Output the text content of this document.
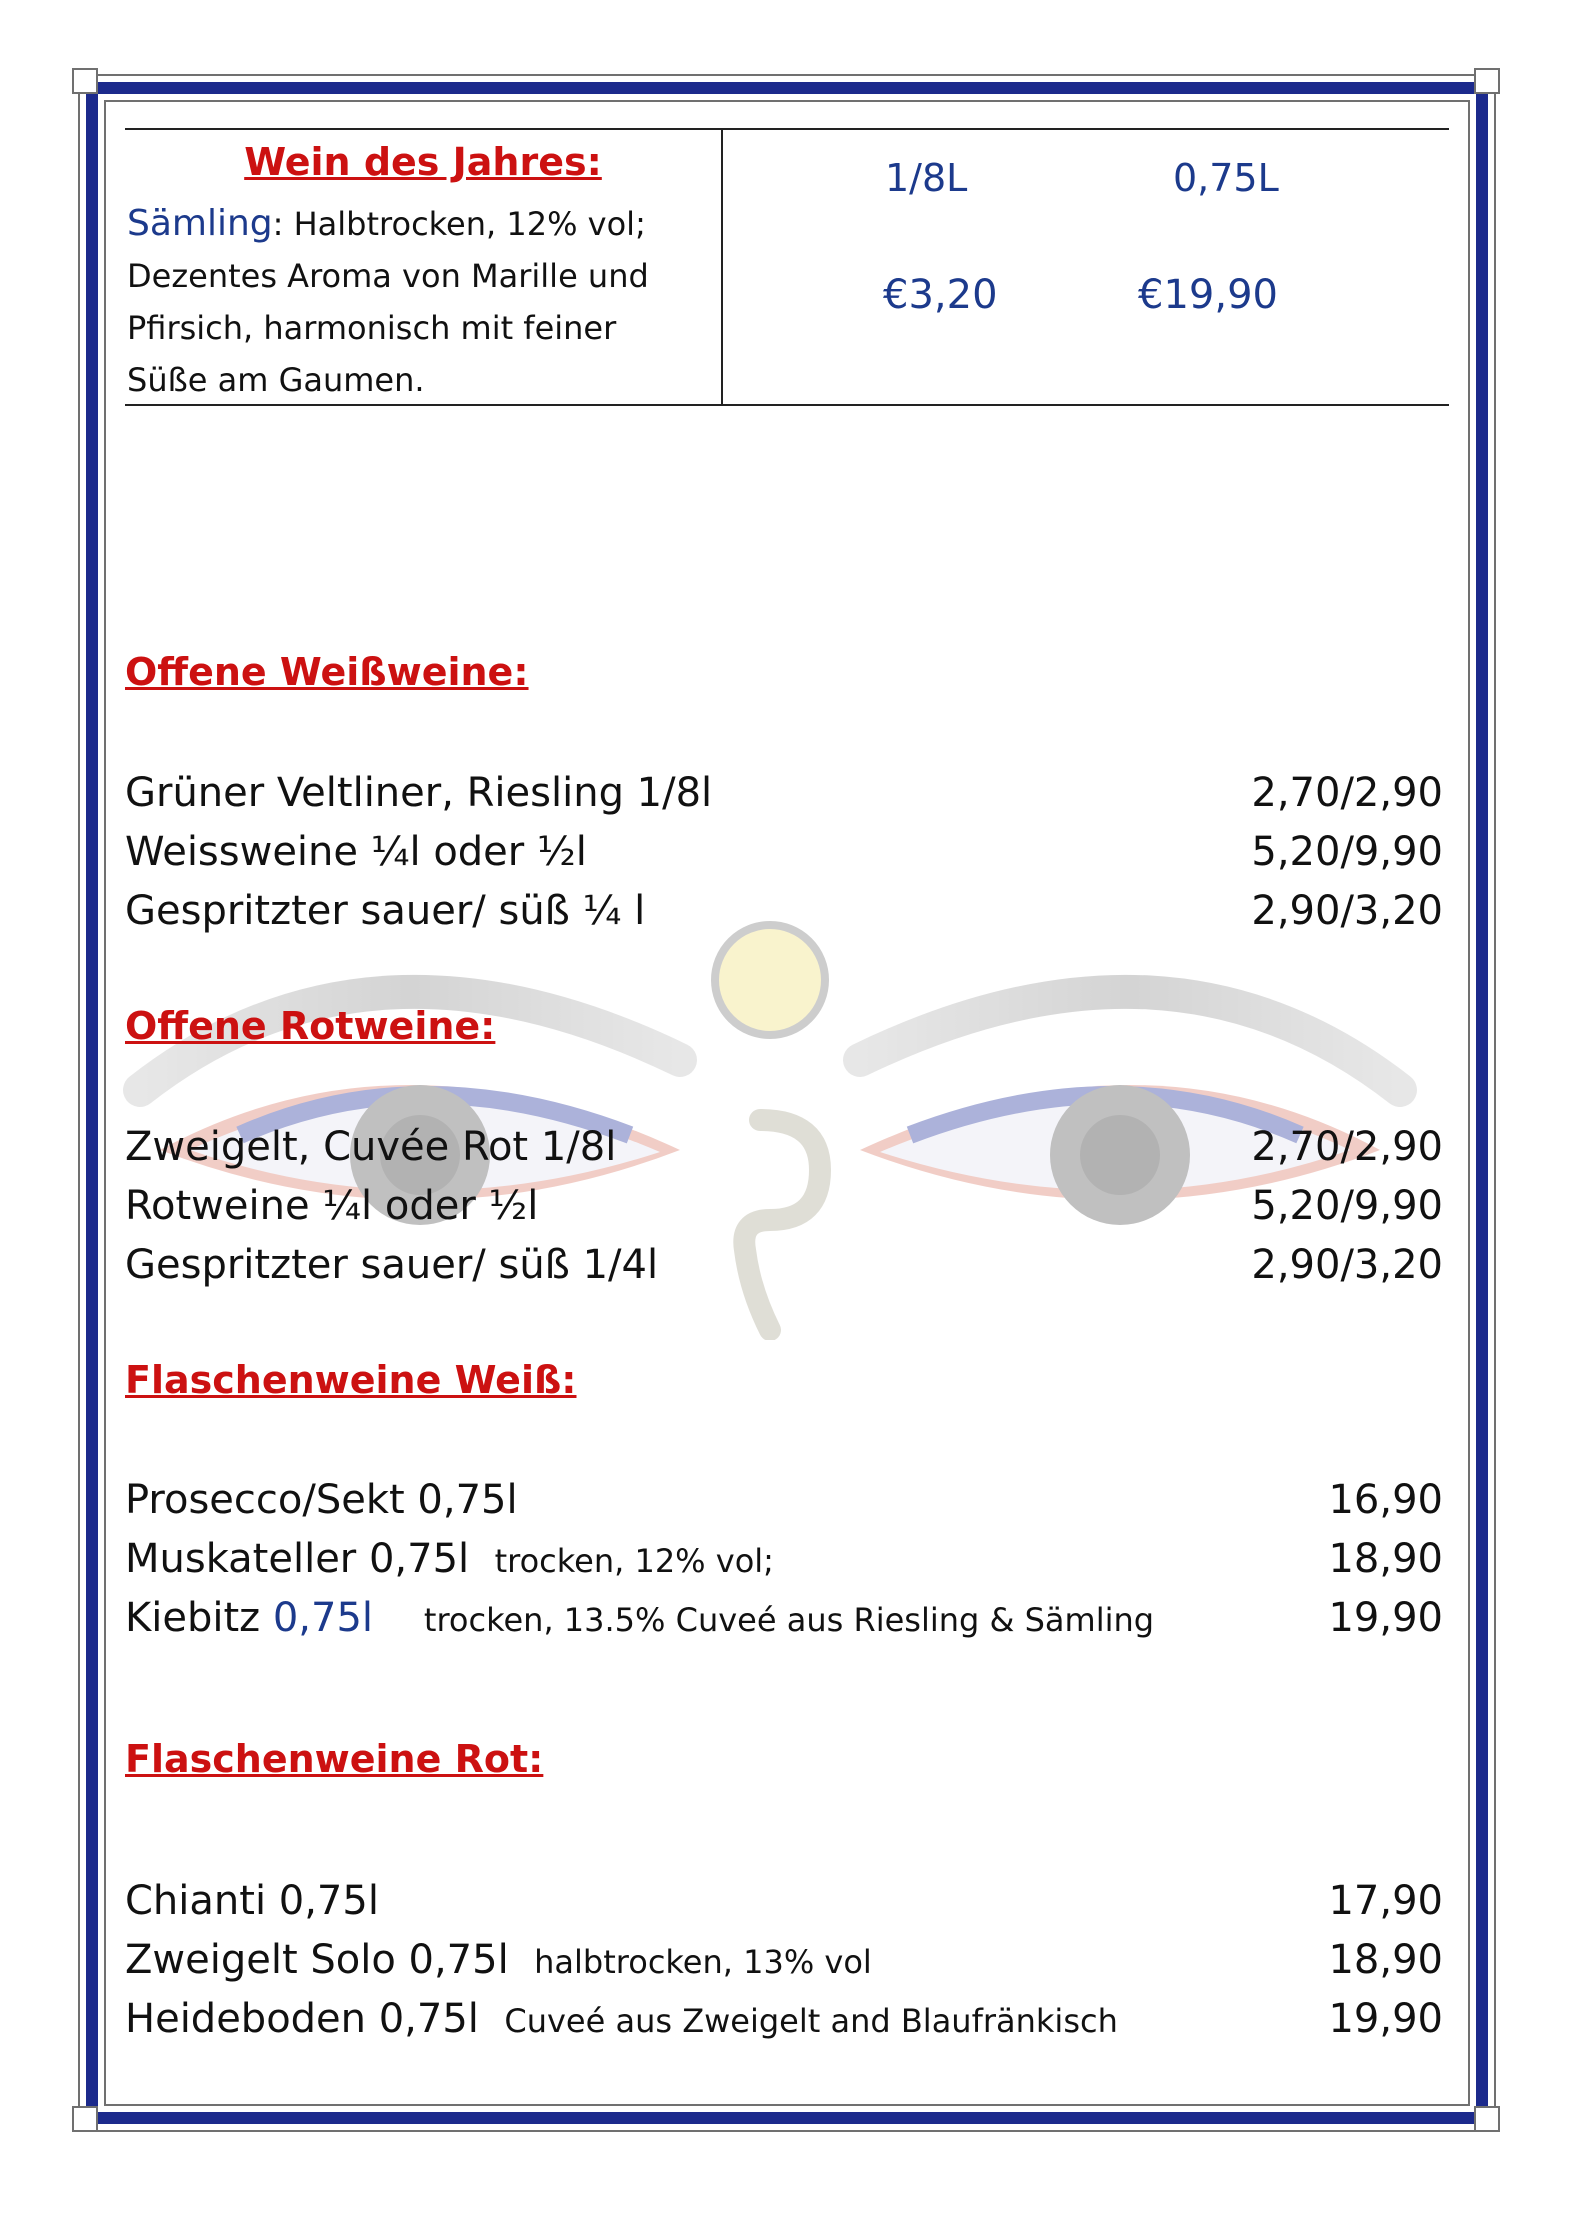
Wein des Jahres:
Sämling: Halbtrocken, 12% vol;
Dezentes Aroma von Marille und
Pfirsich, harmonisch mit feiner
Süße am Gaumen.
1/8L	0,75L
€3,20	€19,90
Offene Weißweine:
Grüner Veltliner, Riesling 1/8l	2,70/2,90
Weissweine ¼l oder ½l	5,20/9,90
Gespritzter sauer/ süß ¼ l	2,90/3,20
Offene Rotweine:
Zweigelt, Cuvée Rot 1/8l	2,70/2,90
Rotweine ¼l oder ½l	5,20/9,90
Gespritzter sauer/ süß 1/4l	2,90/3,20
Flaschenweine Weiß:
Prosecco/Sekt 0,75l	16,90
Muskateller 0,75l trocken, 12% vol;	18,90
Kiebitz 0,75l trocken, 13.5% Cuveé aus Riesling & Sämling	19,90
Flaschenweine Rot:
Chianti 0,75l	17,90
Zweigelt Solo 0,75l halbtrocken, 13% vol	18,90
Heideboden 0,75l Cuveé aus Zweigelt and Blaufränkisch	19,90
